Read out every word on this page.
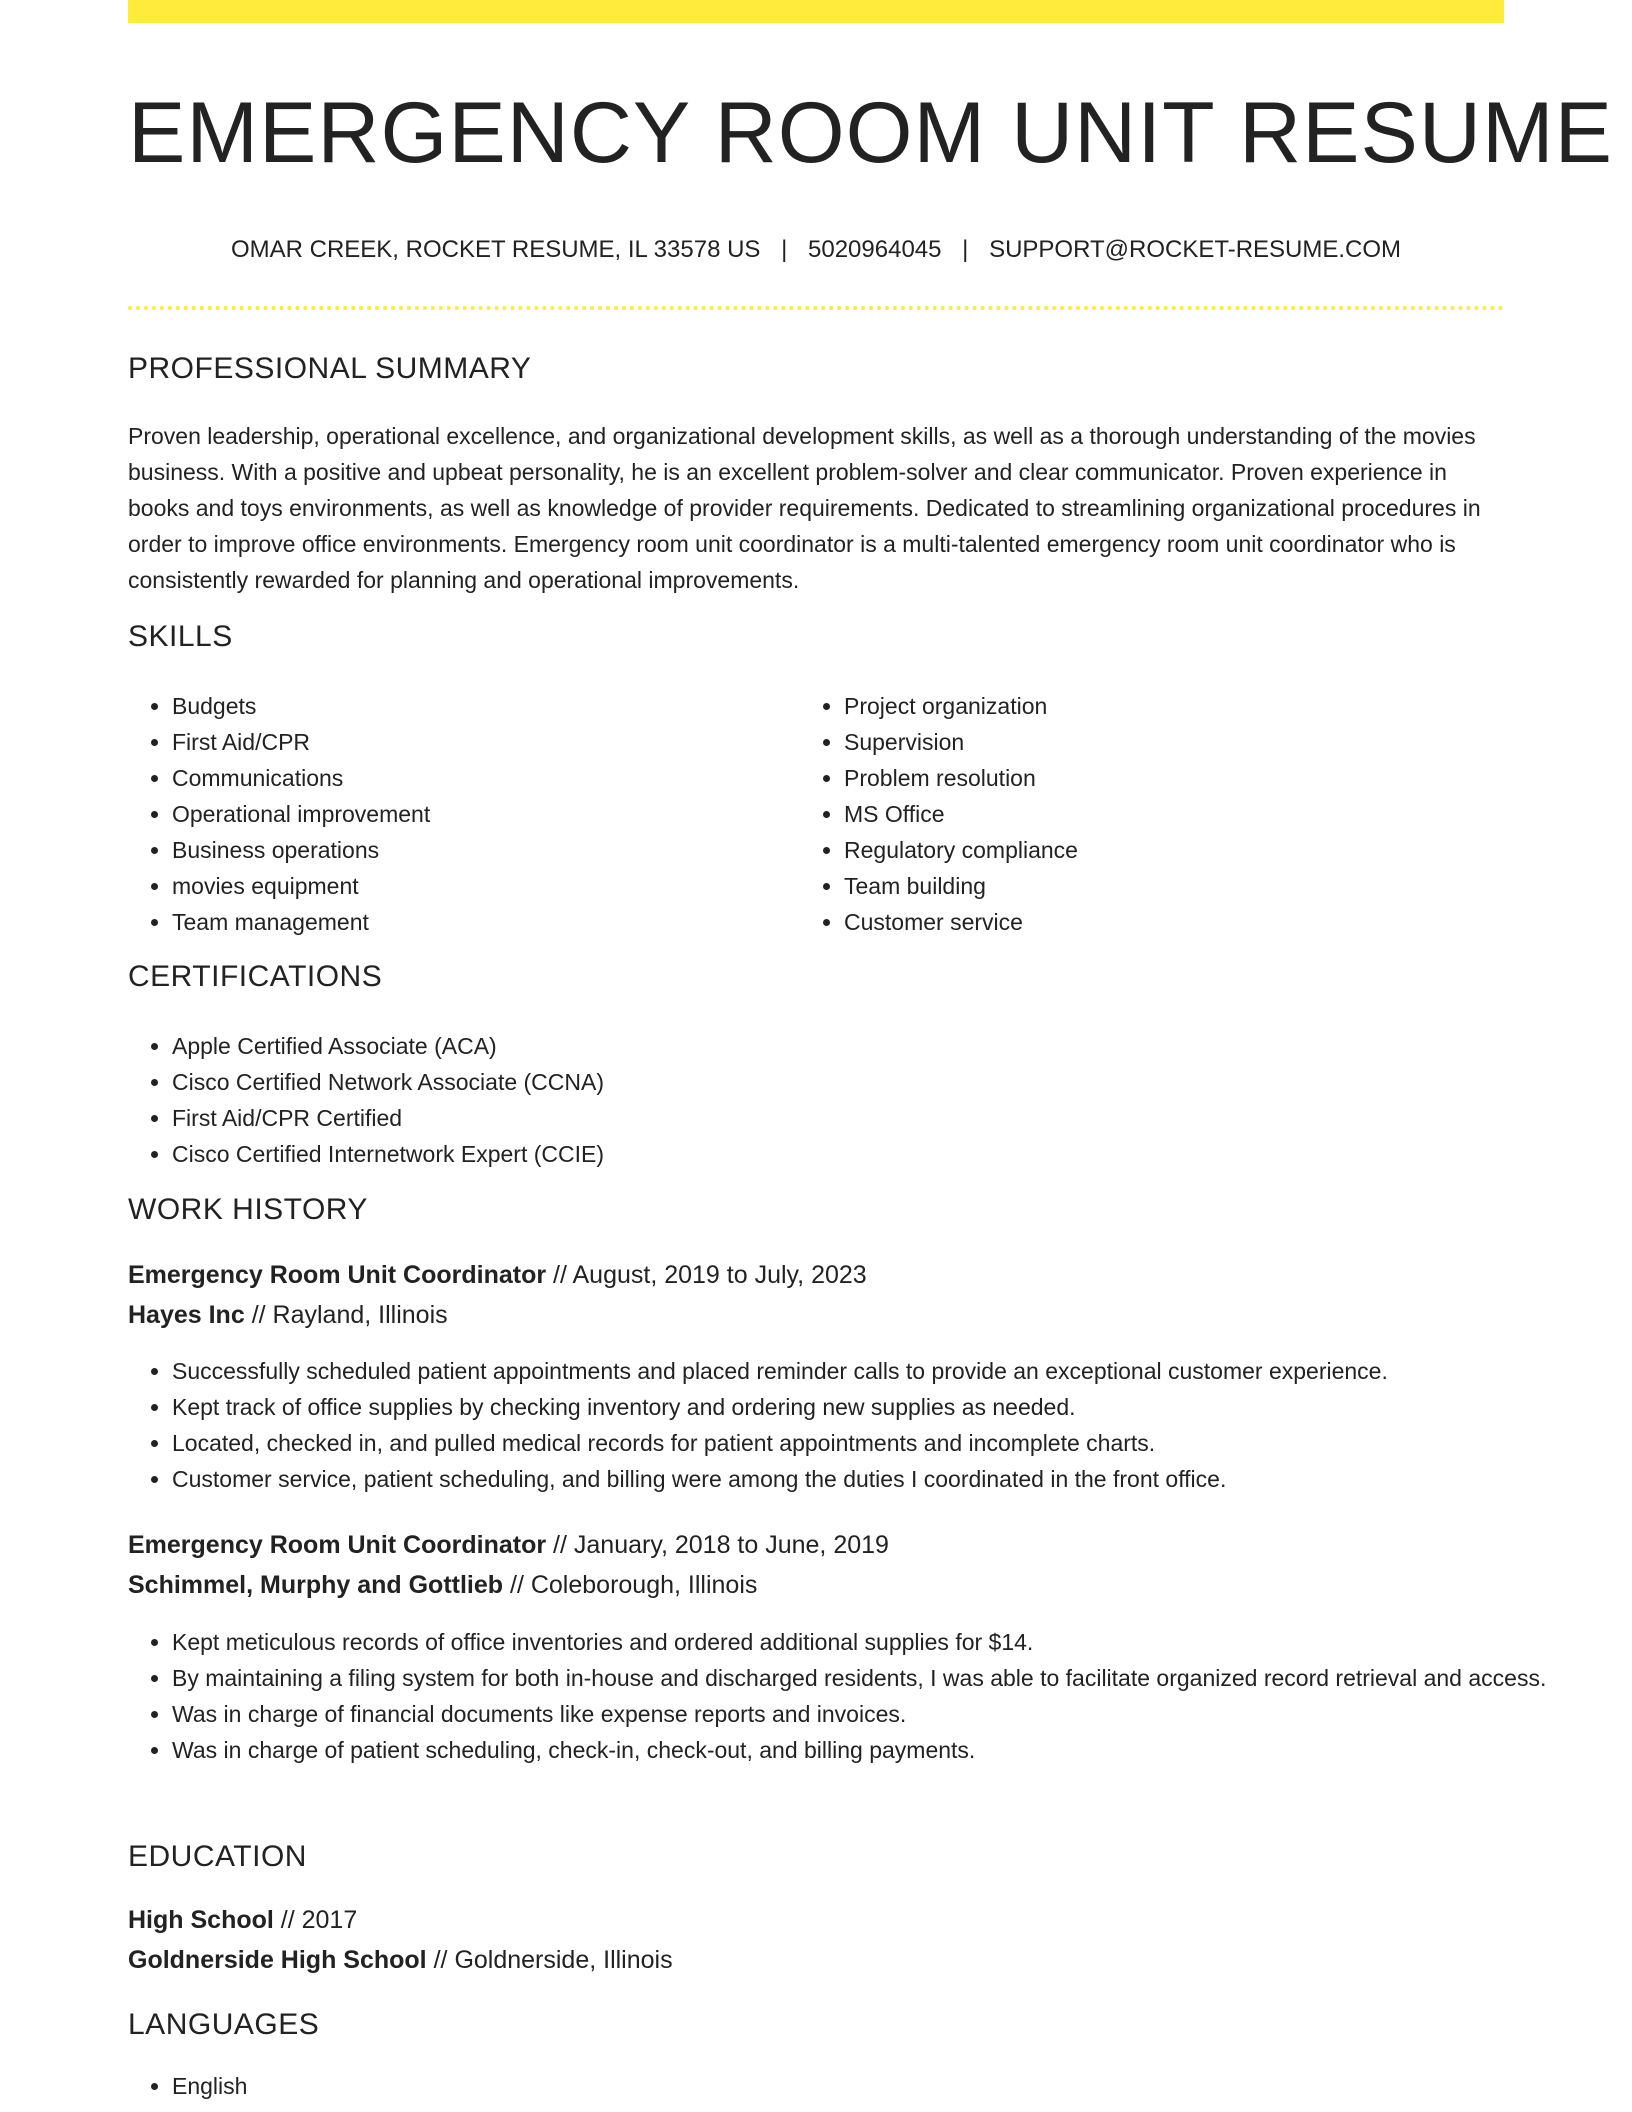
EMERGENCY ROOM UNIT RESUME
OMAR CREEK, ROCKET RESUME, IL 33578 US | 5020964045 | SUPPORT@ROCKET-RESUME.COM
PROFESSIONAL SUMMARY

Proven leadership, operational excellence, and organizational development skills, as well as a thorough understanding of the movies business. With a positive and upbeat personality, he is an excellent problem-solver and clear communicator. Proven experience in books and toys environments, as well as knowledge of provider requirements. Dedicated to streamlining organizational procedures in order to improve office environments. Emergency room unit coordinator is a multi-talented emergency room unit coordinator who is consistently rewarded for planning and operational improvements.

SKILLS
• Budgets
• First Aid/CPR
• Communications
• Operational improvement
• Business operations
• movies equipment
• Team management
• Project organization
• Supervision
• Problem resolution
• MS Office
• Regulatory compliance
• Team building
• Customer service
CERTIFICATIONS
• Apple Certified Associate (ACA)
• Cisco Certified Network Associate (CCNA)
• First Aid/CPR Certified
• Cisco Certified Internetwork Expert (CCIE)
WORK HISTORY
Emergency Room Unit Coordinator // August, 2019 to July, 2023
Hayes Inc // Rayland, Illinois
• Successfully scheduled patient appointments and placed reminder calls to provide an exceptional customer experience.
• Kept track of office supplies by checking inventory and ordering new supplies as needed.
• Located, checked in, and pulled medical records for patient appointments and incomplete charts.
• Customer service, patient scheduling, and billing were among the duties I coordinated in the front office.
Emergency Room Unit Coordinator // January, 2018 to June, 2019
Schimmel, Murphy and Gottlieb // Coleborough, Illinois
• Kept meticulous records of office inventories and ordered additional supplies for $14.
• By maintaining a filing system for both in-house and discharged residents, I was able to facilitate organized record retrieval and access.
• Was in charge of financial documents like expense reports and invoices.
• Was in charge of patient scheduling, check-in, check-out, and billing payments.
EDUCATION
High School // 2017
Goldnerside High School // Goldnerside, Illinois
LANGUAGES
• English
